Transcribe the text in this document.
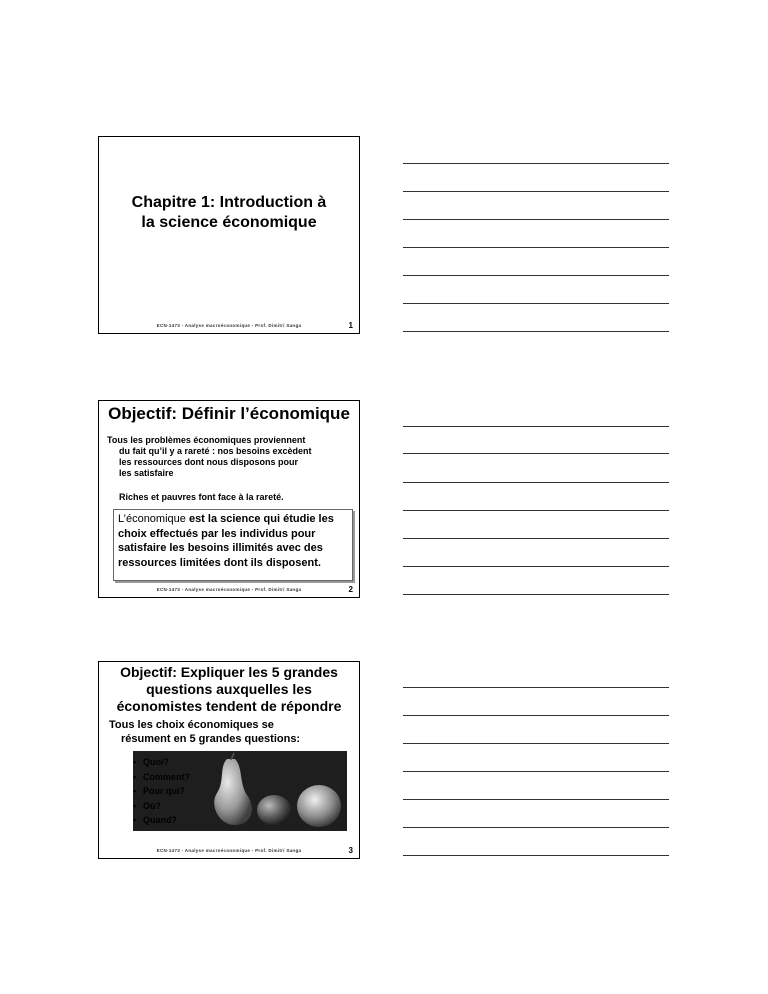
Chapitre 1: Introduction à
la science économique
ECN-1473 - Analyse macroéconomique - Prof. Dimitri Sanga	1
Objectif: Définir l’économique
Tous les problèmes économiques proviennent
du fait qu’il y a rareté : nos besoins excèdent
les ressources dont nous disposons pour
les satisfaire
Riches et pauvres font face à la rareté.
L’économique est la science qui étudie les choix effectués par les individus pour satisfaire les besoins illimités avec des ressources limitées dont ils disposent.
ECN-1473 - Analyse macroéconomique - Prof. Dimitri Sanga	2
Objectif: Expliquer les 5 grandes
questions auxquelles les
économistes tendent de répondre
Tous les choix économiques se
résument en 5 grandes questions:
• Quoi?
• Comment?
• Pour qui?
• Où?
• Quand?
ECN-1473 - Analyse macroéconomique - Prof. Dimitri Sanga	3
